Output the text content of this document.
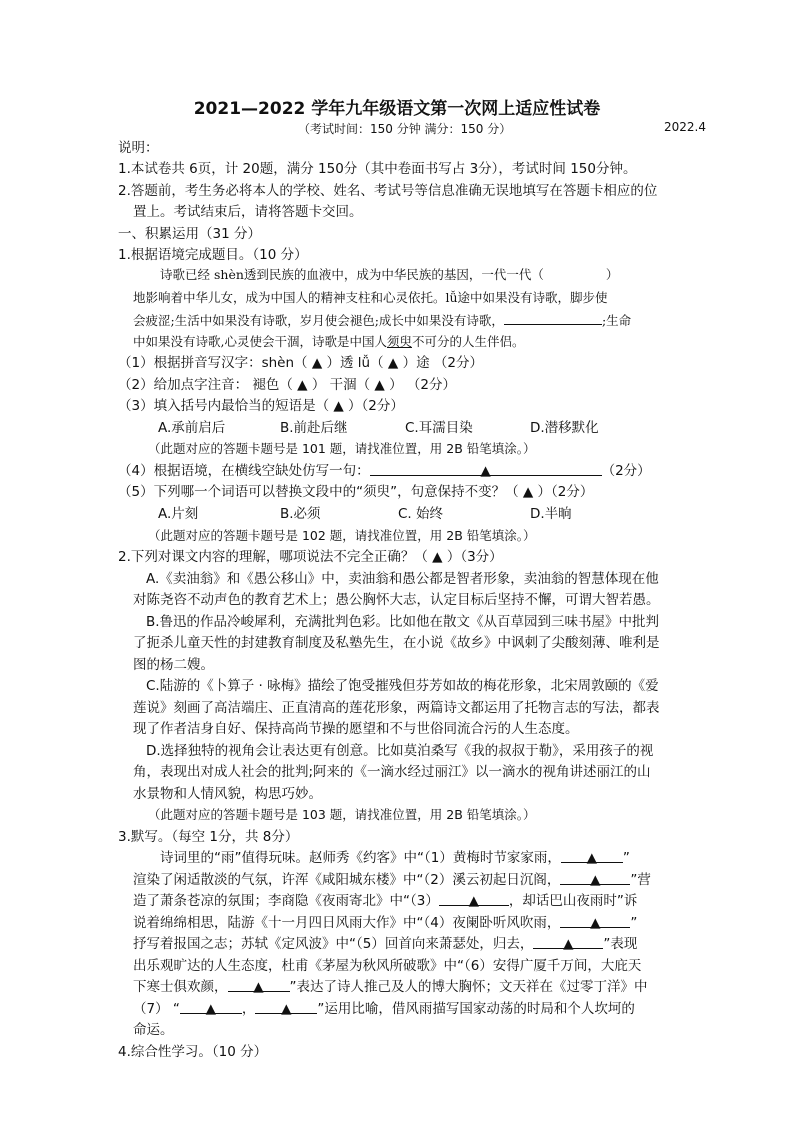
2021—2022 学年九年级语文第一次网上适应性试卷
（考试时间：150 分钟 满分：150 分）	2022.4
说明：
1.本试卷共 6页，计 20题，满分 150分（其中卷面书写占 3分），考试时间 150分钟。
2.答题前，考生务必将本人的学校、姓名、考试号等信息准确无误地填写在答题卡相应的位
置上。考试结束后，请将答题卡交回。
一、积累运用（31 分）
1.根据语境完成题目。（10 分）
诗歌已经 shèn透到民族的血液中，成为中华民族的基因，一代一代（	）
地影响着中华儿女，成为中国人的精神支柱和心灵依托。lǚ途中如果没有诗歌，脚步使
会疲涩;生活中如果没有诗歌，岁月使会褪色;成长中如果没有诗歌，	;生命
中如果没有诗歌,心灵使会干涸，诗歌是中国人须臾不可分的人生伴侣。
（1）根据拼音写汉字：shèn（ ▲ ）透 lǚ（ ▲ ）途 （2分）
（2）给加点字注音： 褪色（ ▲ ） 干涸（ ▲ ） （2分）
（3）填入括号内最恰当的短语是（ ▲ ）（2分）
A.承前启后	B.前赴后继	C.耳濡目染	D.潜移默化
（此题对应的答题卡题号是 101 题，请找准位置，用 2B 铅笔填涂。）
（4）根据语境，在横线空缺处仿写一句：	▲	（2分）
（5）下列哪一个词语可以替换文段中的“须臾”，句意保持不变？（ ▲ ）（2分）
A.片刻	B.必须	C. 始终	D.半晌
（此题对应的答题卡题号是 102 题，请找准位置，用 2B 铅笔填涂。）
2.下列对课文内容的理解，哪项说法不完全正确？（ ▲ ）（3分）
A.《卖油翁》和《愚公移山》中，卖油翁和愚公都是智者形象，卖油翁的智慧体现在他
对陈尧咨不动声色的教育艺术上；愚公胸怀大志，认定目标后坚持不懈，可谓大智若愚。
B.鲁迅的作品冷峻犀利，充满批判色彩。比如他在散文《从百草园到三味书屋》中批判
了扼杀儿童天性的封建教育制度及私塾先生，在小说《故乡》中讽刺了尖酸刻薄、唯利是
图的杨二嫂。
C.陆游的《卜算子 · 咏梅》描绘了饱受摧残但芬芳如故的梅花形象，北宋周敦颐的《爱
莲说》刻画了高洁端庄、正直清高的莲花形象，两篇诗文都运用了托物言志的写法，都表
现了作者洁身自好、保持高尚节操的愿望和不与世俗同流合污的人生态度。
D.选择独特的视角会让表达更有创意。比如莫泊桑写《我的叔叔于勒》，采用孩子的视
角，表现出对成人社会的批判;阿来的《一滴水经过丽江》以一滴水的视角讲述丽江的山
水景物和人情风貌，构思巧妙。
（此题对应的答题卡题号是 103 题，请找准位置，用 2B 铅笔填涂。）
3.默写。（每空 1分，共 8分）
诗词里的“雨”值得玩味。赵师秀《约客》中“（1）黄梅时节家家雨， ▲ ”
渲染了闲适散淡的气氛，许浑《咸阳城东楼》中“（2）溪云初起日沉阁， ▲ ”营
造了萧条苍凉的氛围；李商隐《夜雨寄北》中“（3） ▲ ，却话巴山夜雨时”诉
说着绵绵相思，陆游《十一月四日风雨大作》中“（4）夜阑卧听风吹雨， ▲ ”
抒写着报国之志；苏轼《定风波》中“（5）回首向来萧瑟处，归去， ▲ ”表现
出乐观旷达的人生态度，杜甫《茅屋为秋风所破歌》中“（6）安得广厦千万间，大庇天
下寒士俱欢颜， ▲ ”表达了诗人推己及人的博大胸怀；文天祥在《过零丁洋》中
（7） “ ▲ ， ▲ ”运用比喻，借风雨描写国家动荡的时局和个人坎坷的
命运。
4.综合性学习。（10 分）
